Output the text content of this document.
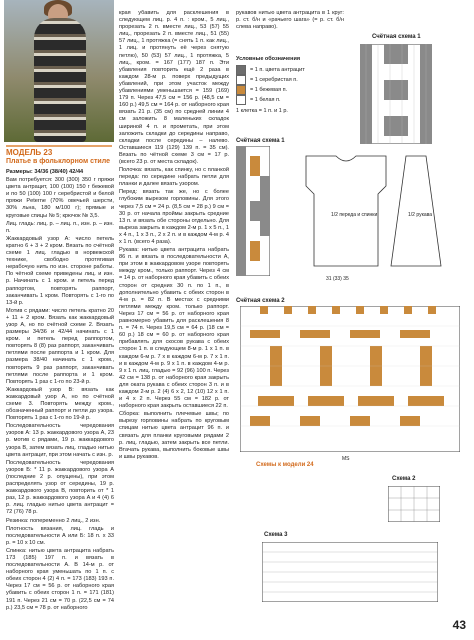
МОДЕЛЬ 23
Платье в фольклорном стиле

Размеры: 34/36 (38/40) 42/44

Вам потребуется: 300 (300) 350 г пряжи цвета антрацит, 100 (100) 150 г бежевой и по 50 (100) 100 г серебристой и белой пряжи Peterne (70% овечьей шерсти, 30% льна, 180 м/100 г); прямые и круговые спицы № 5; крючок № 3,5.

Лиц. гладь: лиц. р. – лиц. п., изн. р. – изн. п.

Жаккардовый узор А: число петель кратно 6 + 3 + 2 кром. Вязать по счётной схеме 1 лиц. гладью в норвежской технике, свободно протягивая нерабочую нить по изн. стороне работы. По чётной схеме приведены лиц. и изн. р. Начинать с 1 кром. и петель перед раппортом, повторять раппорт, заканчивать 1 кром. Повторять с 1-го по 13-й р.

Мотив с рядами: число петель кратно 20 + 11 + 2 кром. Вязать как жаккардовый узор А, но по счётной схеме 2. Вязать размеры 34/36 и 42/44 начинать с 1 кром. и петель перед раппортом, повторять 8 (8) раз раппорт, заканчивать петлями после раппорта и 1 кром. Для размера 38/40 начинать с 1 кром., повторить 9 раз раппорт, заканчивать петлями после раппорта и 1 кром. Повторять 1 раз с 1-го по 23-й р.

Жаккардовый узор В: вязать как жаккардовый узор А, но по счётной схеме 3. Повторять между кром., обозначенный раппорт и петли до узора. Повторять 1 раз с 1-го по 19-й р.

Последовательность чередования узоров А: 13 р. жаккардового узора А, 23 р. мотив с рядами, 19 р. жаккардового узора В, затем вязать лиц. гладью нитью цвета антрацит, при этом начать с изн. р.

Последовательность чередования узоров Б: * 11 р. жаккардового узора А (последние 2 р. опущены), при этом распределять узор от середины, 19 р. жаккардового узора В, повторить от * 1 раз, 12 р. жаккардового узора А и 4 (4) 6 р. лиц. гладью нитью цвета антрацит = 72 (76) 78 р.

Резинка: попеременно 2 лиц., 2 изн.

Плотность вязания, лиц. гладь и последовательности А или Б: 18 п. х 33 р. = 10 х 10 см.

Спинка: нитью цвета антрацита набрать 173 (185) 197 п. и вязать в последовательности А. В 14-м р. от наборного края уменьшать по 1 п. с обеих сторон 4 (2) 4 п. = 173 (183) 193 п. Через 17 см = 56 р. от наборного края убавить с обеих сторон 1 п. = 171 (181) 191 п. Через 21 см = 70 р. (22,5 см = 74 р.) 23,5 см = 78 р. от наборного

края убавить для расклешения в следующем лиц. р. 4 п. : кром., 5 лиц., прорезать 2 п. вместе лиц., 53 (57) 55 лиц., прорезать 2 п. вместе лиц., 51 (55) 57 лиц., 1 протяжка (= снять 1 п. как лиц., 1 лиц. и протянуть её через снятую петлю), 50 (53) 57 лиц., 1 протяжка, 5 лиц., кром. = 167 (177) 187 п. Эти убавления повторить ещё 2 раза в каждом 28-м р. поверх предыдущих убавлений, при этом участок между убавлениями уменьшается = 159 (169) 179 п. Через 47,5 см = 156 р. (48,5 см = 160 р.) 49,5 см = 164 р. от наборного края вязать 21 р. (35 см) по средней линии 4 см заложить 8 маленьких складок шириной 4 п. и прометать, при этом заложить складки до середины направо, складки после середины – налево. Оставшиеся 119 (129) 139 п. = 35 см). Вязать по чётной схеме 3 см = 17 р. (всего 23 р. от места складок).

Полочка: вязать, как спинку, но с планкой переда: по середине набрать петли для планки и далее вязать узором.

Перед: вязать так же, но с более глубоким вырезом горловины. Для этого через 7,5 см = 24 р. (8,5 см = 28 р.) 9 см = 30 р. от начала проймы закрыть средние 13 п. и вязать обе стороны отдельно. Для выреза закрыть в каждом 2-м р. 1 х 5 п., 1 х 4 п., 1 х 3 п., 2 х 2 п. и в каждом 4-м р. 4 х 1 п. (всего 4 раза).

Рукава: нитью цвета антрацита набрать 86 п. и вязать в последовательности А, при этом в жаккардовом узоре повторять между кром., только раппорт. Через 4 см = 14 р. от наборного края убавить с обеих сторон от средних 30 п. по 1 п., в дополнительно убавить с обеих сторон в 4-м р. = 82 п. В местах с средними петлями между кром. только раппорт. Через 17 см = 56 р. от наборного края равномерно убавить для расклешения 8 п. = 74 п. Через 19,5 см = 64 р. (18 см = 60 р.) 18 см = 60 р. от наборного края прибавлять для скосов рукава с обеих сторон 1 п. в следующем 8-м р. 1 х 1 п. в каждом 6-м р. 7 х в каждом 6-м р. 7 х 1 п. и в каждом 4-м р. 9 х 1 п. в каждом 4-м р. 9 х 1 п. лиц. гладью = 92 (96) 100 п. Через 42 см = 138 р. от наборного края закрыть для оката рукава с обеих сторон 3 п. и в каждом 2-м р. 2 (4) 6 х 2, 12 (10) 12 х 1 п. и 4 х 2 п. Через 55 см = 182 р. от наборного края закрыть оставшиеся 22 п.

Сборка: выполнить плечевые швы; по вырезу горловины набрать по круговым спицам нитью цвета антрацит 96 п. и связать для планки круговыми рядами 2 р. лиц. гладью, затем закрыть все петли. Втачать рукава, выполнить боковые швы и швы рукавов.

рукавов нитью цвета антрацита в 1 круг: р. ст. б/н и «рачьего шага» (= р. ст. б/н слева направо).

Условные обозначения
= 1 п. цвета антрацит
= 1 серебристая п.
= 1 бежевая п.
= 1 белая п.
1 клетка = 1 п. и 1 р.
Счётная схема 1
Счётная схема 1
1/2 переда и спинки	1/2 рукава
31 (33) 35
Счётная схема 2
MS
Схемы к модели 24
Схема 2
Схема 3
43
